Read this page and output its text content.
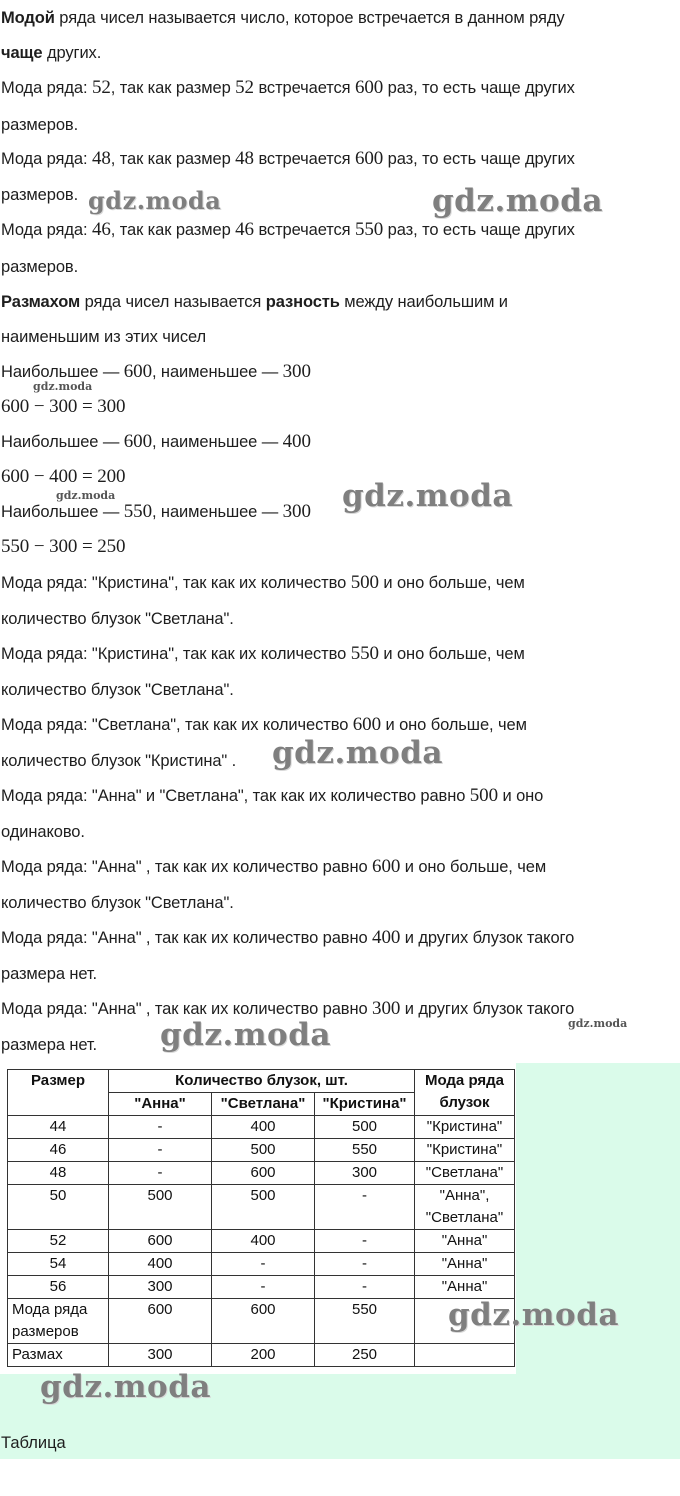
Модой ряда чисел называется число, которое встречается в данном ряду
чаще других.
Мода ряда: 52, так как размер 52 встречается 600 раз, то есть чаще других
размеров.
Мода ряда: 48, так как размер 48 встречается 600 раз, то есть чаще других
размеров.
Мода ряда: 46, так как размер 46 встречается 550 раз, то есть чаще других
размеров.
Размахом ряда чисел называется разность между наибольшим и
наименьшим из этих чисел
Наибольшее — 600, наименьшее — 300
600 − 300 = 300
Наибольшее — 600, наименьшее — 400
600 − 400 = 200
Наибольшее — 550, наименьшее — 300
550 − 300 = 250
Мода ряда: "Кристина", так как их количество 500 и оно больше, чем
количество блузок "Светлана".
Мода ряда: "Кристина", так как их количество 550 и оно больше, чем
количество блузок "Светлана".
Мода ряда: "Светлана", так как их количество 600 и оно больше, чем
количество блузок "Кристина" .
Мода ряда: "Анна" и "Светлана", так как их количество равно 500 и оно
одинаково.
Мода ряда: "Анна" , так как их количество равно 600 и оно больше, чем
количество блузок "Светлана".
Мода ряда: "Анна" , так как их количество равно 400 и других блузок такого
размера нет.
Мода ряда: "Анна" , так как их количество равно 300 и других блузок такого
размера нет.
Размер	Количество блузок, шт.			Мода ряда блузок
	"Анна"	"Светлана"	"Кристина"	
44	-	400	500	"Кристина"
46	-	500	550	"Кристина"
48	-	600	300	"Светлана"
50	500	500	-	"Анна", "Светлана"
52	600	400	-	"Анна"
54	400	-	-	"Анна"
56	300	-	-	"Анна"
Мода ряда размеров	600	600	550	
Размах	300	200	250	
Таблица
gdz.moda	gdz.moda
gdz.moda
gdz.moda	gdz.moda
gdz.moda
gdz.moda
gdz.moda
gdz.moda
gdz.moda
